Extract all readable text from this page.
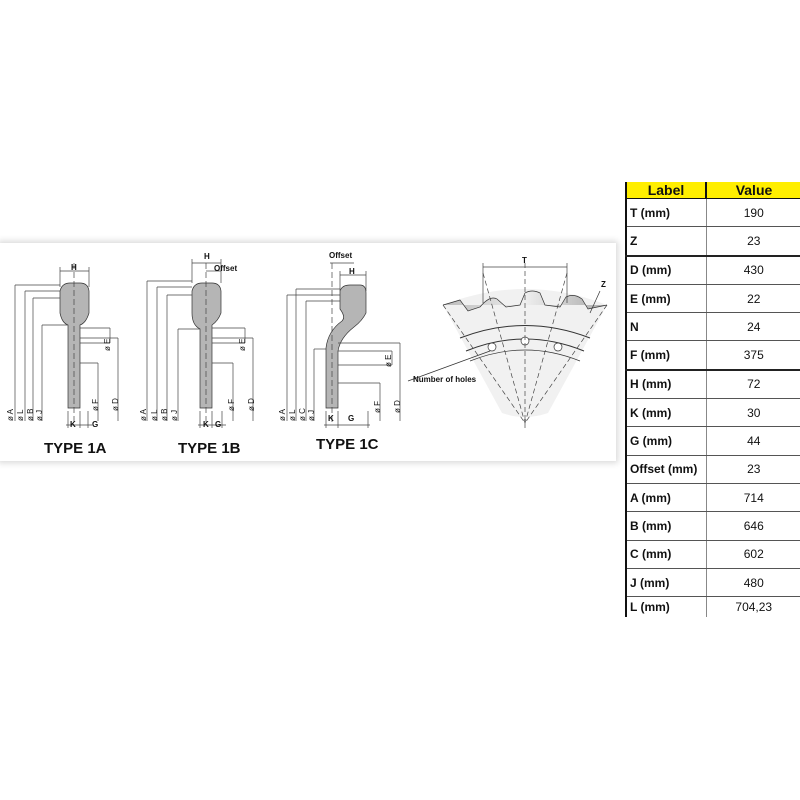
TYPE 1A	TYPE 1B	TYPE 1C
H
K G
ø A ø L ø B ø J
ø E
ø F ø D
H
Offset
K G
ø A ø L ø B ø J
ø E
ø F ø D
Offset
H
K G
ø A ø L ø C ø J
ø E
ø F ø D
T
Z
Number of holes
Label	Value
T (mm)	190
Z	23
D (mm)	430
E (mm)	22
N	24
F (mm)	375
H (mm)	72
K (mm)	30
G (mm)	44
Offset (mm)	23
A (mm)	714
B (mm)	646
C (mm)	602
J (mm)	480
L (mm)	704,23
